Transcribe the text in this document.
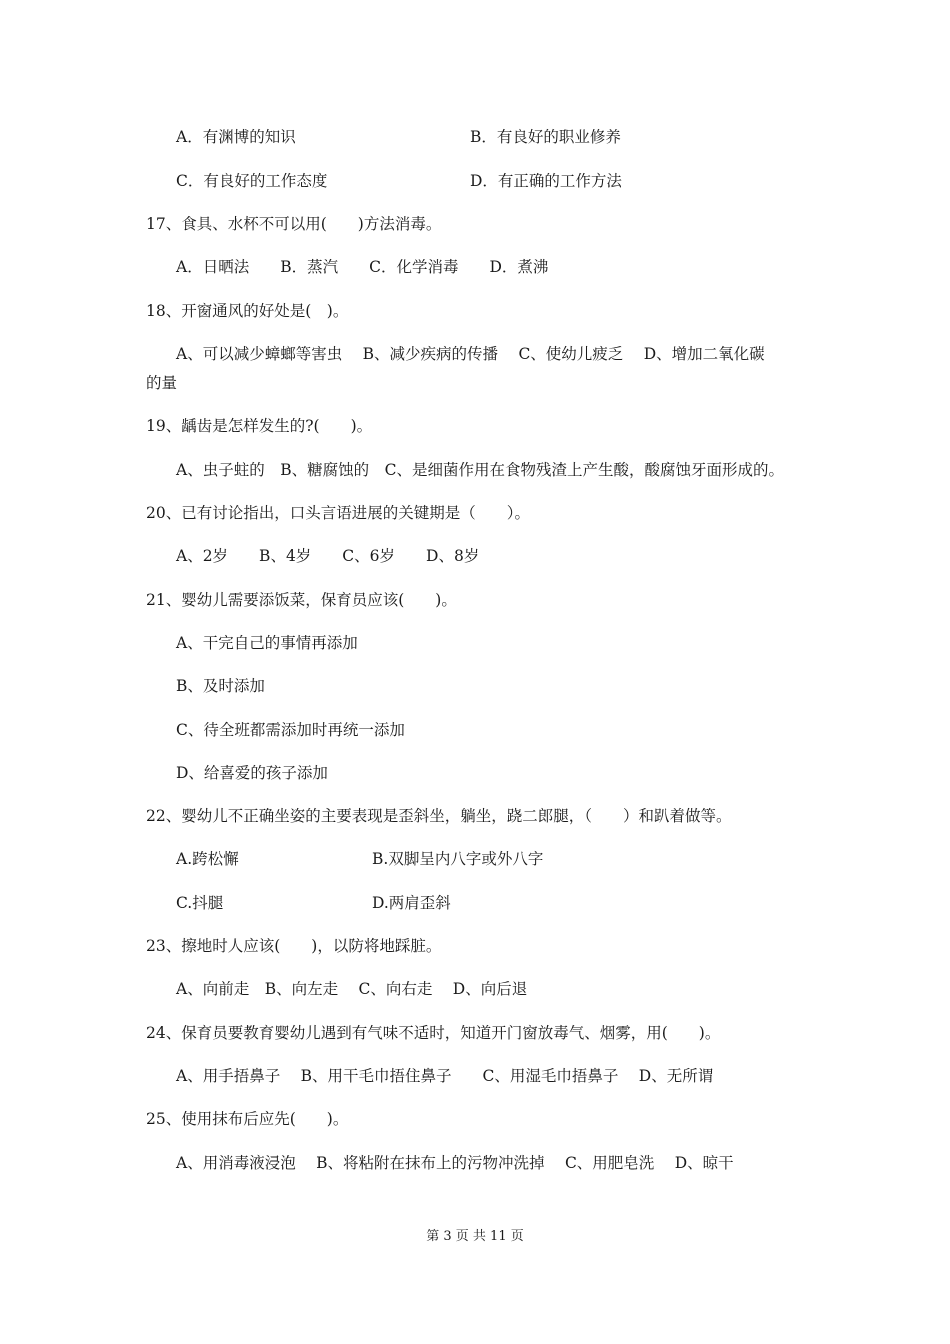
A．有渊博的知识	B．有良好的职业修养
C．有良好的工作态度	D．有正确的工作方法
17、食具、水杯不可以用(　　)方法消毒。
A．日晒法　　B．蒸汽　　C．化学消毒　　D．煮沸
18、开窗通风的好处是(　)。
A、可以减少蟑螂等害虫　 B、减少疾病的传播　 C、使幼儿疲乏　 D、增加二氧化碳
的量
19、龋齿是怎样发生的?(　　)。
A、虫子蛀的　B、糖腐蚀的　C、是细菌作用在食物残渣上产生酸，酸腐蚀牙面形成的。
20、已有讨论指出，口头言语进展的关键期是（　　）。
A、2岁　　B、4岁　　C、6岁　　D、8岁
21、婴幼儿需要添饭菜，保育员应该(　　)。
A、干完自己的事情再添加
B、及时添加
C、待全班都需添加时再统一添加
D、给喜爱的孩子添加
22、婴幼儿不正确坐姿的主要表现是歪斜坐，躺坐，跷二郎腿，（　　）和趴着做等。
A.跨松懈	B.双脚呈内八字或外八字
C.抖腿	D.两肩歪斜
23、擦地时人应该(　　)，以防将地踩脏。
A、向前走　B、向左走　 C、向右走　 D、向后退
24、保育员要教育婴幼儿遇到有气味不适时，知道开门窗放毒气、烟雾，用(　　)。
A、用手捂鼻子　 B、用干毛巾捂住鼻子　　C、用湿毛巾捂鼻子　 D、无所谓
25、使用抹布后应先(　　)。
A、用消毒液浸泡　 B、将粘附在抹布上的污物冲洗掉　 C、用肥皂洗　 D、晾干
第 3 页 共 11 页
